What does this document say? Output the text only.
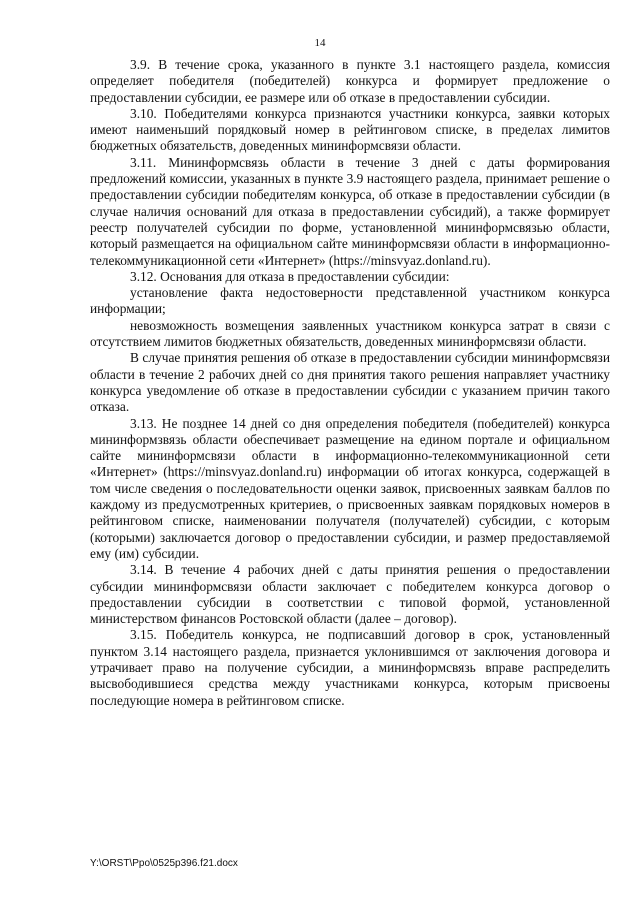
14

3.9. В течение срока, указанного в пункте 3.1 настоящего раздела, комиссия определяет победителя (победителей) конкурса и формирует предложение о предоставлении субсидии, ее размере или об отказе в предоставлении субсидии.

3.10. Победителями конкурса признаются участники конкурса, заявки которых имеют наименьший порядковый номер в рейтинговом списке, в пределах лимитов бюджетных обязательств, доведенных мининформсвязи области.

3.11. Мининформсвязь области в течение 3 дней с даты формирования предложений комиссии, указанных в пункте 3.9 настоящего раздела, принимает решение о предоставлении субсидии победителям конкурса, об отказе в предоставлении субсидии (в случае наличия оснований для отказа в предоставлении субсидий), а также формирует реестр получателей субсидии по форме, установленной мининформсвязью области, который размещается на официальном сайте мининформсвязи области в информационно-телекоммуникационной сети «Интернет» (https://minsvyaz.donland.ru).

3.12. Основания для отказа в предоставлении субсидии:

установление факта недостоверности представленной участником конкурса информации;

невозможность возмещения заявленных участником конкурса затрат в связи с отсутствием лимитов бюджетных обязательств, доведенных мининформсвязи области.

В случае принятия решения об отказе в предоставлении субсидии мининформсвязи области в течение 2 рабочих дней со дня принятия такого решения направляет участнику конкурса уведомление об отказе в предоставлении субсидии с указанием причин такого отказа.

3.13. Не позднее 14 дней со дня определения победителя (победителей) конкурса мининформзвязь области обеспечивает размещение на едином портале и официальном сайте мининформсвязи области в информационно-телекоммуникационной сети «Интернет» (https://minsvyaz.donland.ru) информации об итогах конкурса, содержащей в том числе сведения о последовательности оценки заявок, присвоенных заявкам баллов по каждому из предусмотренных критериев, о присвоенных заявкам порядковых номеров в рейтинговом списке, наименовании получателя (получателей) субсидии, с которым (которыми) заключается договор о предоставлении субсидии, и размер предоставляемой ему (им) субсидии.

3.14. В течение 4 рабочих дней с даты принятия решения о предоставлении субсидии мининформсвязи области заключает с победителем конкурса договор о предоставлении субсидии в соответствии с типовой формой, установленной министерством финансов Ростовской области (далее – договор).

3.15. Победитель конкурса, не подписавший договор в срок, установленный пунктом 3.14 настоящего раздела, признается уклонившимся от заключения договора и утрачивает право на получение субсидии, а мининформсвязь вправе распределить высвободившиеся средства между участниками конкурса, которым присвоены последующие номера в рейтинговом списке.

Y:\ORST\Ppo\0525p396.f21.docx
